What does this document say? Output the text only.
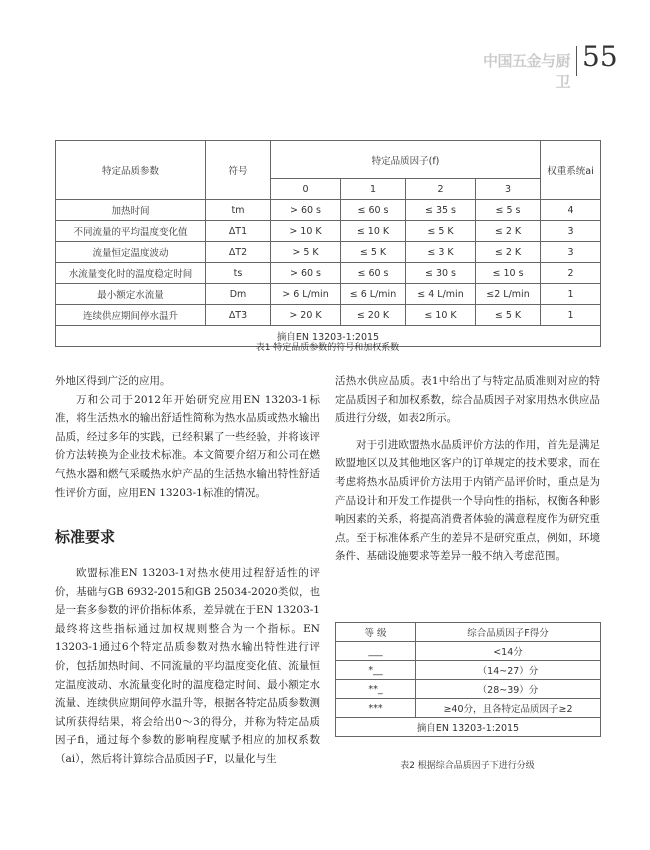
中国五金与厨卫
55
特定品质参数	符号	特定品质因子(f)				权重系统ai
		0	1	2	3	
加热时间	tm	> 60 s	≤ 60 s	≤ 35 s	≤ 5 s	4
不同流量的平均温度变化值	ΔT1	> 10 K	≤ 10 K	≤ 5 K	≤ 2 K	3
流量恒定温度波动	ΔT2	> 5 K	≤ 5 K	≤ 3 K	≤ 2 K	3
水流量变化时的温度稳定时间	ts	> 60 s	≤ 60 s	≤ 30 s	≤ 10 s	2
最小额定水流量	Dm	> 6 L/min	≤ 6 L/min	≤ 4 L/min	≤2 L/min	1
连续供应期间停水温升	ΔT3	> 20 K	≤ 20 K	≤ 10 K	≤ 5 K	1
摘自EN 13203-1:2015						
表1 特定品质参数的符号和加权系数

外地区得到广泛的应用。

万和公司于2012年开始研究应用EN 13203-1标准，将生活热水的输出舒适性简称为热水品质或热水输出品质，经过多年的实践，已经积累了一些经验，并将该评价方法转换为企业技术标准。本文简要介绍万和公司在燃气热水器和燃气采暖热水炉产品的生活热水输出特性舒适性评价方面，应用EN 13203-1标准的情况。

标准要求

欧盟标准EN 13203-1对热水使用过程舒适性的评价，基础与GB 6932-2015和GB 25034-2020类似，也是一套多参数的评价指标体系，差异就在于EN 13203-1最终将这些指标通过加权规则整合为一个指标。EN 13203-1通过6个特定品质参数对热水输出特性进行评价，包括加热时间、不同流量的平均温度变化值、流量恒定温度波动、水流量变化时的温度稳定时间、最小额定水流量、连续供应期间停水温升等，根据各特定品质参数测试所获得结果，将会给出0～3的得分，并称为特定品质因子fi，通过每个参数的影响程度赋予相应的加权系数（ai），然后将计算综合品质因子F，以量化与生

活热水供应品质。表1中给出了与特定品质准则对应的特定品质因子和加权系数，综合品质因子对家用热水供应品质进行分级，如表2所示。

对于引进欧盟热水品质评价方法的作用，首先是满足欧盟地区以及其他地区客户的订单规定的技术要求，而在考虑将热水品质评价方法用于内销产品评价时，重点是为产品设计和开发工作提供一个导向性的指标，权衡各种影响因素的关系，将提高消费者体验的满意程度作为研究重点。至于标准体系产生的差异不是研究重点，例如，环境条件、基础设施要求等差异一般不纳入考虑范围。

等 级	综合品质因子F得分
___	<14分
*__	（14~27）分
**_	（28~39）分
***	≥40分，且各特定品质因子≥2
摘自EN 13203-1:2015	
表2 根据综合品质因子下进行分级
